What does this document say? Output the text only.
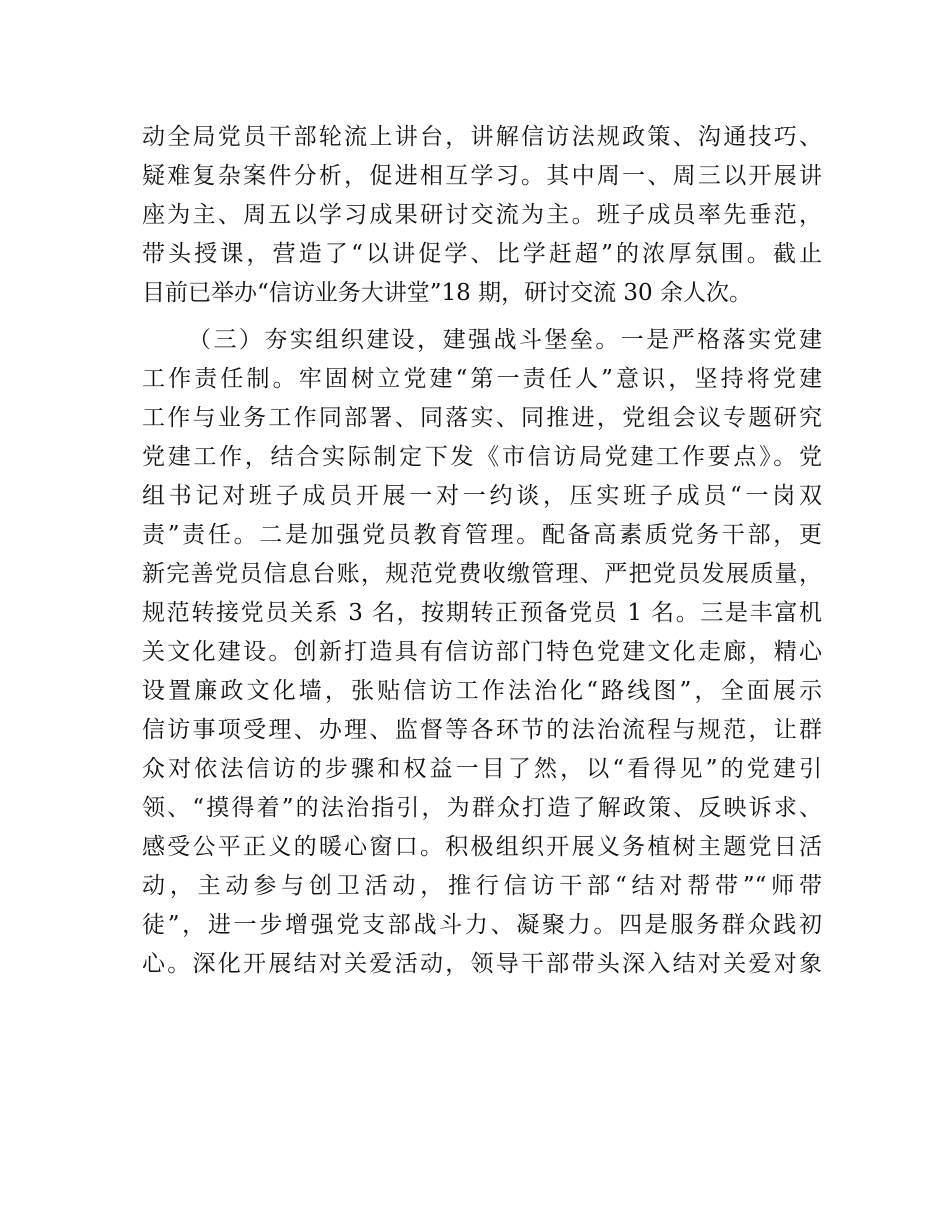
动全局党员干部轮流上讲台，讲解信访法规政策、沟通技巧、
疑难复杂案件分析，促进相互学习。其中周一、周三以开展讲
座为主、周五以学习成果研讨交流为主。班子成员率先垂范，
带头授课，营造了“以讲促学、比学赶超”的浓厚氛围。截止
目前已举办“信访业务大讲堂”18 期，研讨交流 30 余人次。
（三）夯实组织建设，建强战斗堡垒。一是严格落实党建
工作责任制。牢固树立党建“第一责任人”意识，坚持将党建
工作与业务工作同部署、同落实、同推进，党组会议专题研究
党建工作，结合实际制定下发《市信访局党建工作要点》。党
组书记对班子成员开展一对一约谈，压实班子成员“一岗双
责”责任。二是加强党员教育管理。配备高素质党务干部，更
新完善党员信息台账，规范党费收缴管理、严把党员发展质量，
规范转接党员关系 3 名，按期转正预备党员 1 名。三是丰富机
关文化建设。创新打造具有信访部门特色党建文化走廊，精心
设置廉政文化墙，张贴信访工作法治化“路线图”，全面展示
信访事项受理、办理、监督等各环节的法治流程与规范，让群
众对依法信访的步骤和权益一目了然，以“看得见”的党建引
领、“摸得着”的法治指引，为群众打造了解政策、反映诉求、
感受公平正义的暖心窗口。积极组织开展义务植树主题党日活
动，主动参与创卫活动，推行信访干部“结对帮带”“师带
徒”，进一步增强党支部战斗力、凝聚力。四是服务群众践初
心。深化开展结对关爱活动，领导干部带头深入结对关爱对象
